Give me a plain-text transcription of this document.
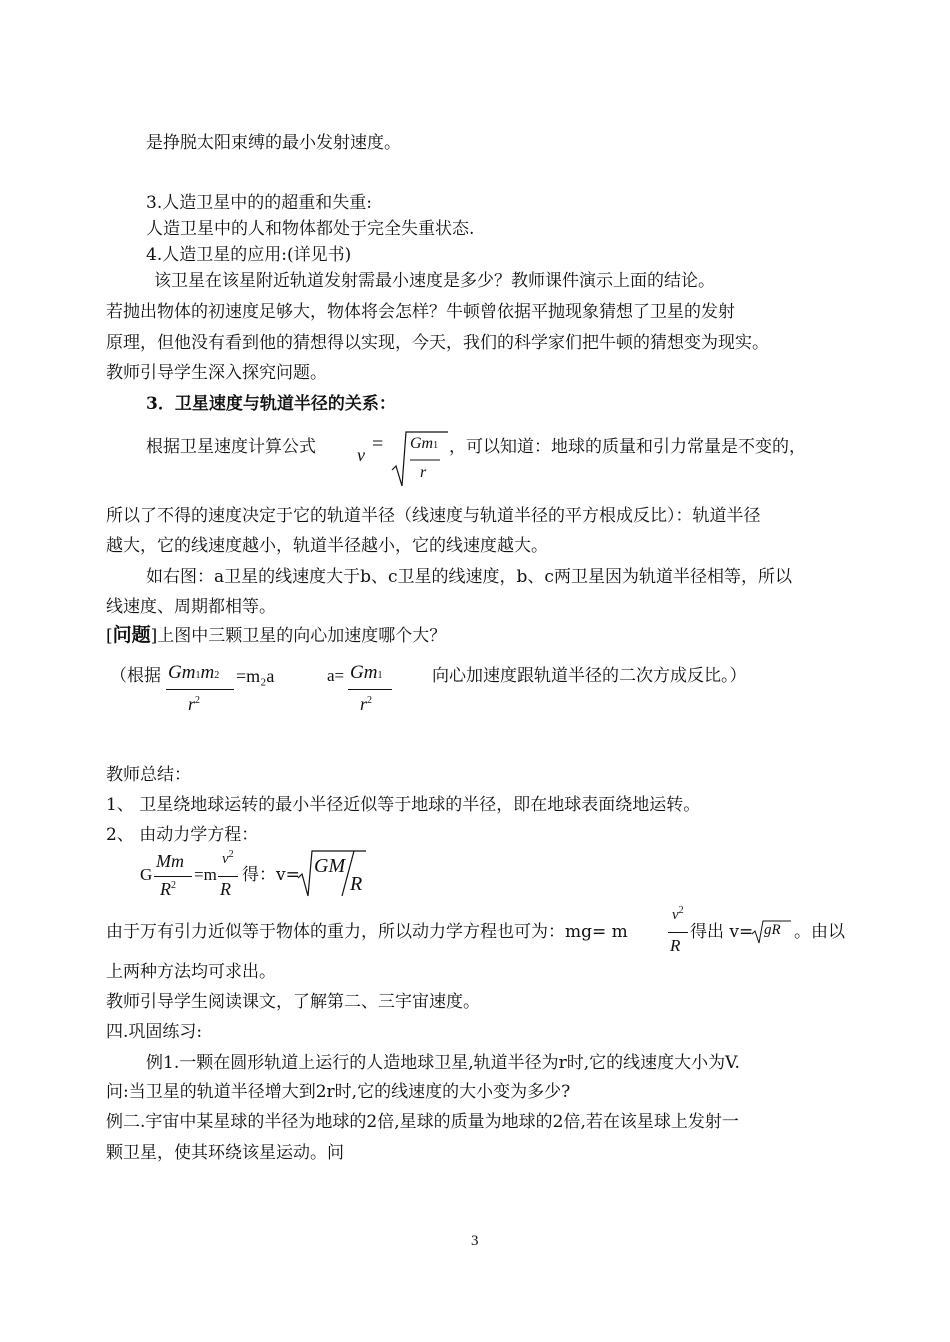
是挣脱太阳束缚的最小发射速度。
3.人造卫星中的的超重和失重:
人造卫星中的人和物体都处于完全失重状态.
4.人造卫星的应用:(详见书)
该卫星在该星附近轨道发射需最小速度是多少？教师课件演示上面的结论。
若抛出物体的初速度足够大，物体将会怎样？牛顿曾依据平抛现象猜想了卫星的发射
原理，但他没有看到他的猜想得以实现，今天，我们的科学家们把牛顿的猜想变为现实。
教师引导学生深入探究问题。
3．卫星速度与轨道半径的关系：
根据卫星速度计算公式 v = Gm1
r
，可以知道：地球的质量和引力常量是不变的，
所以了不得的速度决定于它的轨道半径（线速度与轨道半径的平方根成反比）：轨道半径
越大，它的线速度越小，轨道半径越小，它的线速度越大。
如右图：a卫星的线速度大于b、c卫星的线速度，b、c两卫星因为轨道半径相等，所以
线速度、周期都相等。
[问题]上图中三颗卫星的向心加速度哪个大？
（根据 Gm1m2
$r^2$
=m₂a	a= Gm1
$r^2$
向心加速度跟轨道半径的二次方成反比。）
教师总结：
1、 卫星绕地球运转的最小半径近似等于地球的半径，即在地球表面绕地运转。
2、 由动力学方程：
G
Mm
$R^2$
=m
$v^2$
R
得：v= GM
R
由于万有引力近似等于物体的重力，所以动力学方程也可为：mg= m
$v^2$
R
得出 v= gR 。由以
上两种方法均可求出。
教师引导学生阅读课文，了解第二、三宇宙速度。
四.巩固练习:
例1.一颗在圆形轨道上运行的人造地球卫星,轨道半径为r时,它的线速度大小为V.
问:当卫星的轨道半径增大到2r时,它的线速度的大小变为多少?
例二.宇宙中某星球的半径为地球的2倍,星球的质量为地球的2倍,若在该星球上发射一
颗卫星，使其环绕该星运动。问
3
